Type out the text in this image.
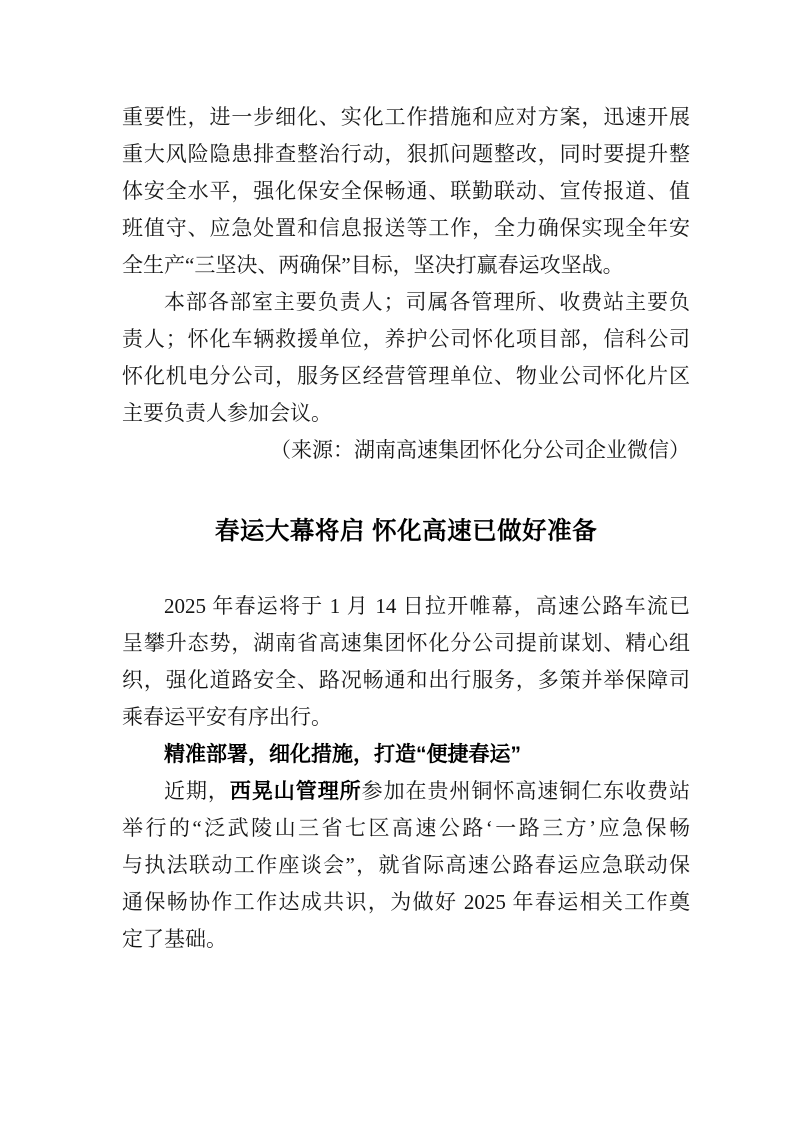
重要性，进一步细化、实化工作措施和应对方案，迅速开展
重大风险隐患排查整治行动，狠抓问题整改，同时要提升整
体安全水平，强化保安全保畅通、联勤联动、宣传报道、值
班值守、应急处置和信息报送等工作，全力确保实现全年安
全生产“三坚决、两确保”目标，坚决打赢春运攻坚战。
本部各部室主要负责人；司属各管理所、收费站主要负
责人；怀化车辆救援单位，养护公司怀化项目部，信科公司
怀化机电分公司，服务区经营管理单位、物业公司怀化片区
主要负责人参加会议。
（来源：湖南高速集团怀化分公司企业微信）
春运大幕将启 怀化高速已做好准备
2025 年春运将于 1 月 14 日拉开帷幕，高速公路车流已
呈攀升态势，湖南省高速集团怀化分公司提前谋划、精心组
织，强化道路安全、路况畅通和出行服务，多策并举保障司
乘春运平安有序出行。
精准部署，细化措施，打造“便捷春运”
近期，西晃山管理所参加在贵州铜怀高速铜仁东收费站
举行的“泛武陵山三省七区高速公路‘一路三方’应急保畅
与执法联动工作座谈会”，就省际高速公路春运应急联动保
通保畅协作工作达成共识，为做好 2025 年春运相关工作奠
定了基础。
